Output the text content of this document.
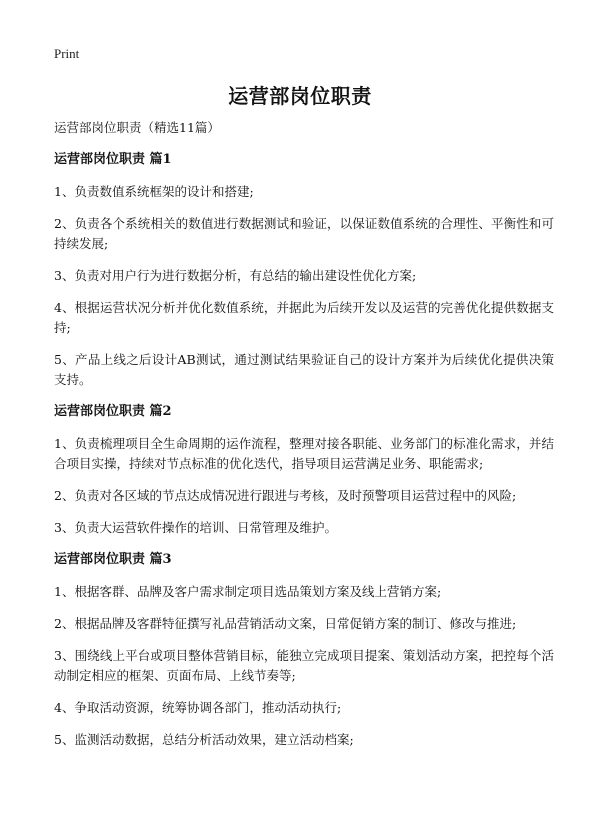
Print
运营部岗位职责

运营部岗位职责（精选11篇）

运营部岗位职责 篇1

1、负责数值系统框架的设计和搭建;

2、负责各个系统相关的数值进行数据测试和验证，以保证数值系统的合理性、平衡性和可持续发展;

3、负责对用户行为进行数据分析，有总结的输出建设性优化方案;

4、根据运营状况分析并优化数值系统，并据此为后续开发以及运营的完善优化提供数据支持;

5、产品上线之后设计AB测试，通过测试结果验证自己的设计方案并为后续优化提供决策支持。

运营部岗位职责 篇2

1、负责梳理项目全生命周期的运作流程，整理对接各职能、业务部门的标准化需求，并结合项目实操，持续对节点标准的优化迭代，指导项目运营满足业务、职能需求;

2、负责对各区域的节点达成情况进行跟进与考核，及时预警项目运营过程中的风险;

3、负责大运营软件操作的培训、日常管理及维护。

运营部岗位职责 篇3

1、根据客群、品牌及客户需求制定项目选品策划方案及线上营销方案;

2、根据品牌及客群特征撰写礼品营销活动文案，日常促销方案的制订、修改与推进;

3、围绕线上平台或项目整体营销目标，能独立完成项目提案、策划活动方案，把控每个活动制定相应的框架、页面布局、上线节奏等;

4、争取活动资源，统筹协调各部门，推动活动执行;

5、监测活动数据，总结分析活动效果，建立活动档案;
